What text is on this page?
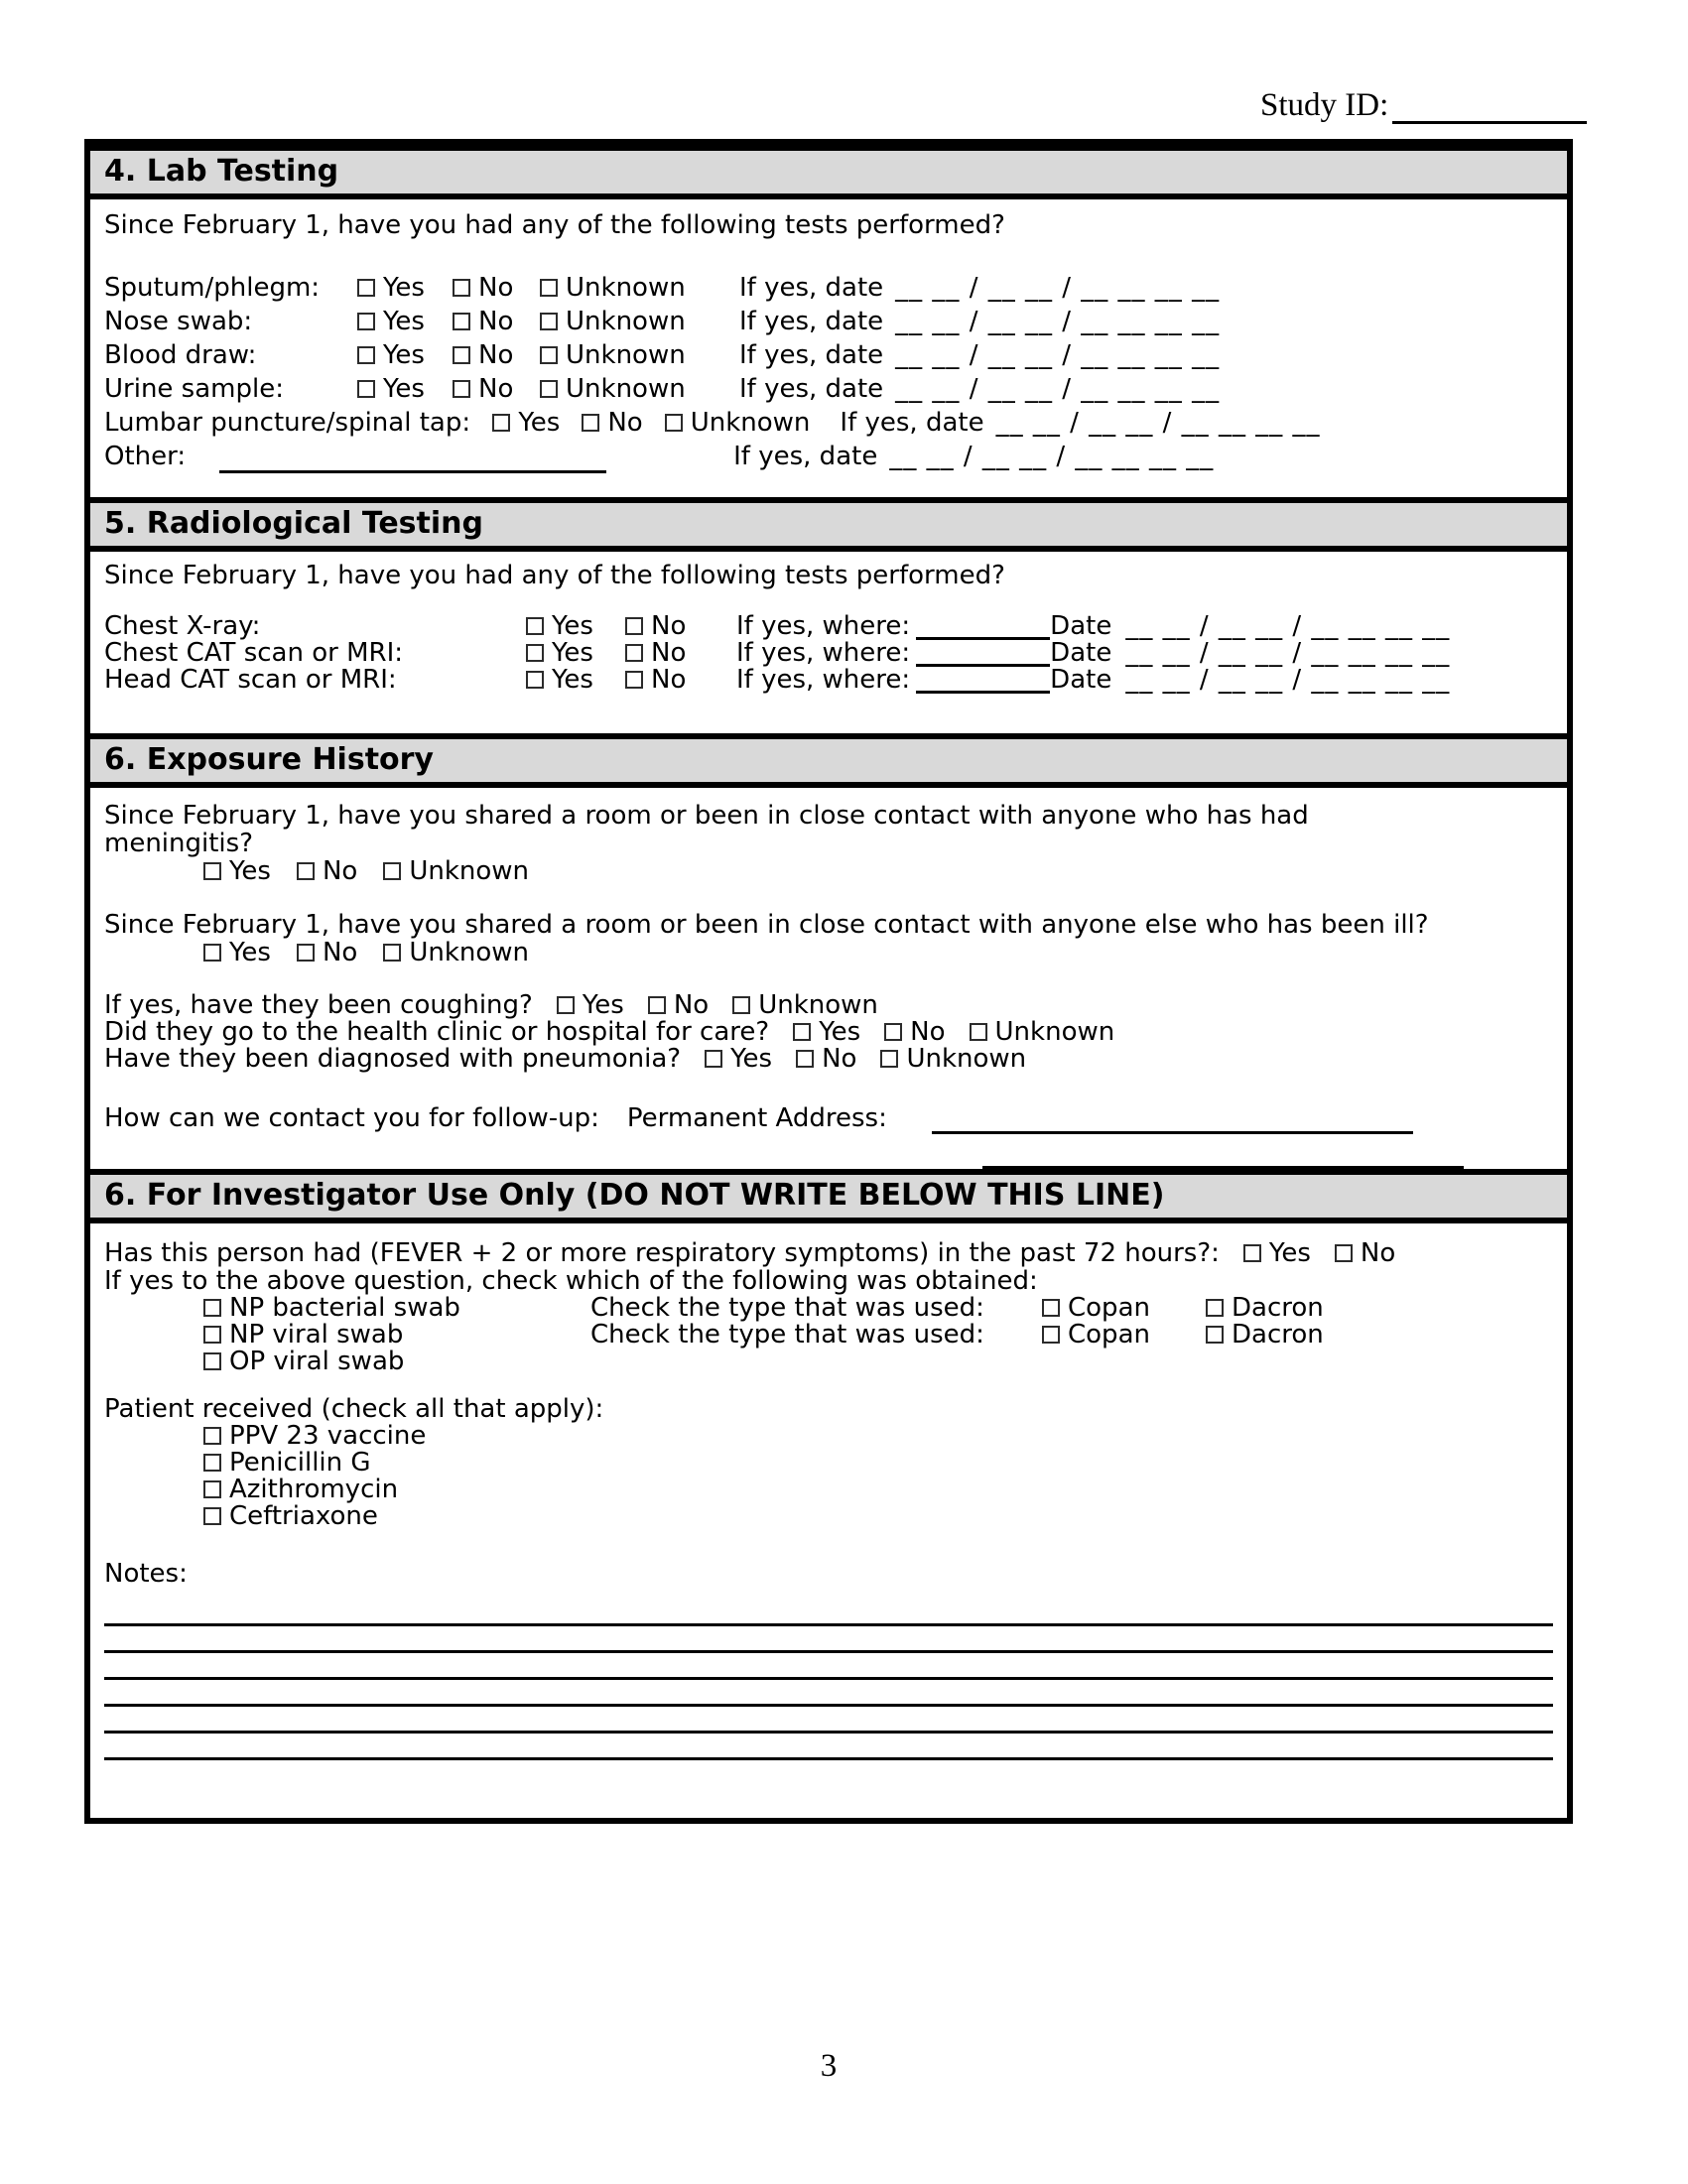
Study ID:
4. Lab Testing
Since February 1, have you had any of the following tests performed?
Sputum/phlegm: Yes No Unknown If yes, date __ __ / __ __ / __ __ __ __
Nose swab:	Yes No Unknown If yes, date __ __ / __ __ / __ __ __ __
Blood draw:	Yes No Unknown If yes, date __ __ / __ __ / __ __ __ __
Urine sample:	Yes No Unknown If yes, date __ __ / __ __ / __ __ __ __
Lumbar puncture/spinal tap: Yes No Unknown If yes, date __ __ / __ __ / __ __ __ __
Other:	If yes, date __ __ / __ __ / __ __ __ __
5. Radiological Testing
Since February 1, have you had any of the following tests performed?
Chest X-ray:	Yes No If yes, where:	Date __ __ / __ __ / __ __ __ __
Chest CAT scan or MRI:	Yes No If yes, where:	Date __ __ / __ __ / __ __ __ __
Head CAT scan or MRI:	Yes No If yes, where:	Date __ __ / __ __ / __ __ __ __
6. Exposure History
Since February 1, have you shared a room or been in close contact with anyone who has had
meningitis?
Yes No Unknown
Since February 1, have you shared a room or been in close contact with anyone else who has been ill?
Yes No Unknown
If yes, have they been coughing? Yes No Unknown
Did they go to the health clinic or hospital for care? Yes No Unknown
Have they been diagnosed with pneumonia? Yes No Unknown
How can we contact you for follow-up: Permanent Address:
6. For Investigator Use Only (DO NOT WRITE BELOW THIS LINE)
Has this person had (FEVER + 2 or more respiratory symptoms) in the past 72 hours?: Yes No
If yes to the above question, check which of the following was obtained:
NP bacterial swab	Check the type that was used:	Copan	Dacron
NP viral swab	Check the type that was used:	Copan	Dacron
OP viral swab
Patient received (check all that apply):
PPV 23 vaccine
Penicillin G
Azithromycin
Ceftriaxone
Notes:
3
